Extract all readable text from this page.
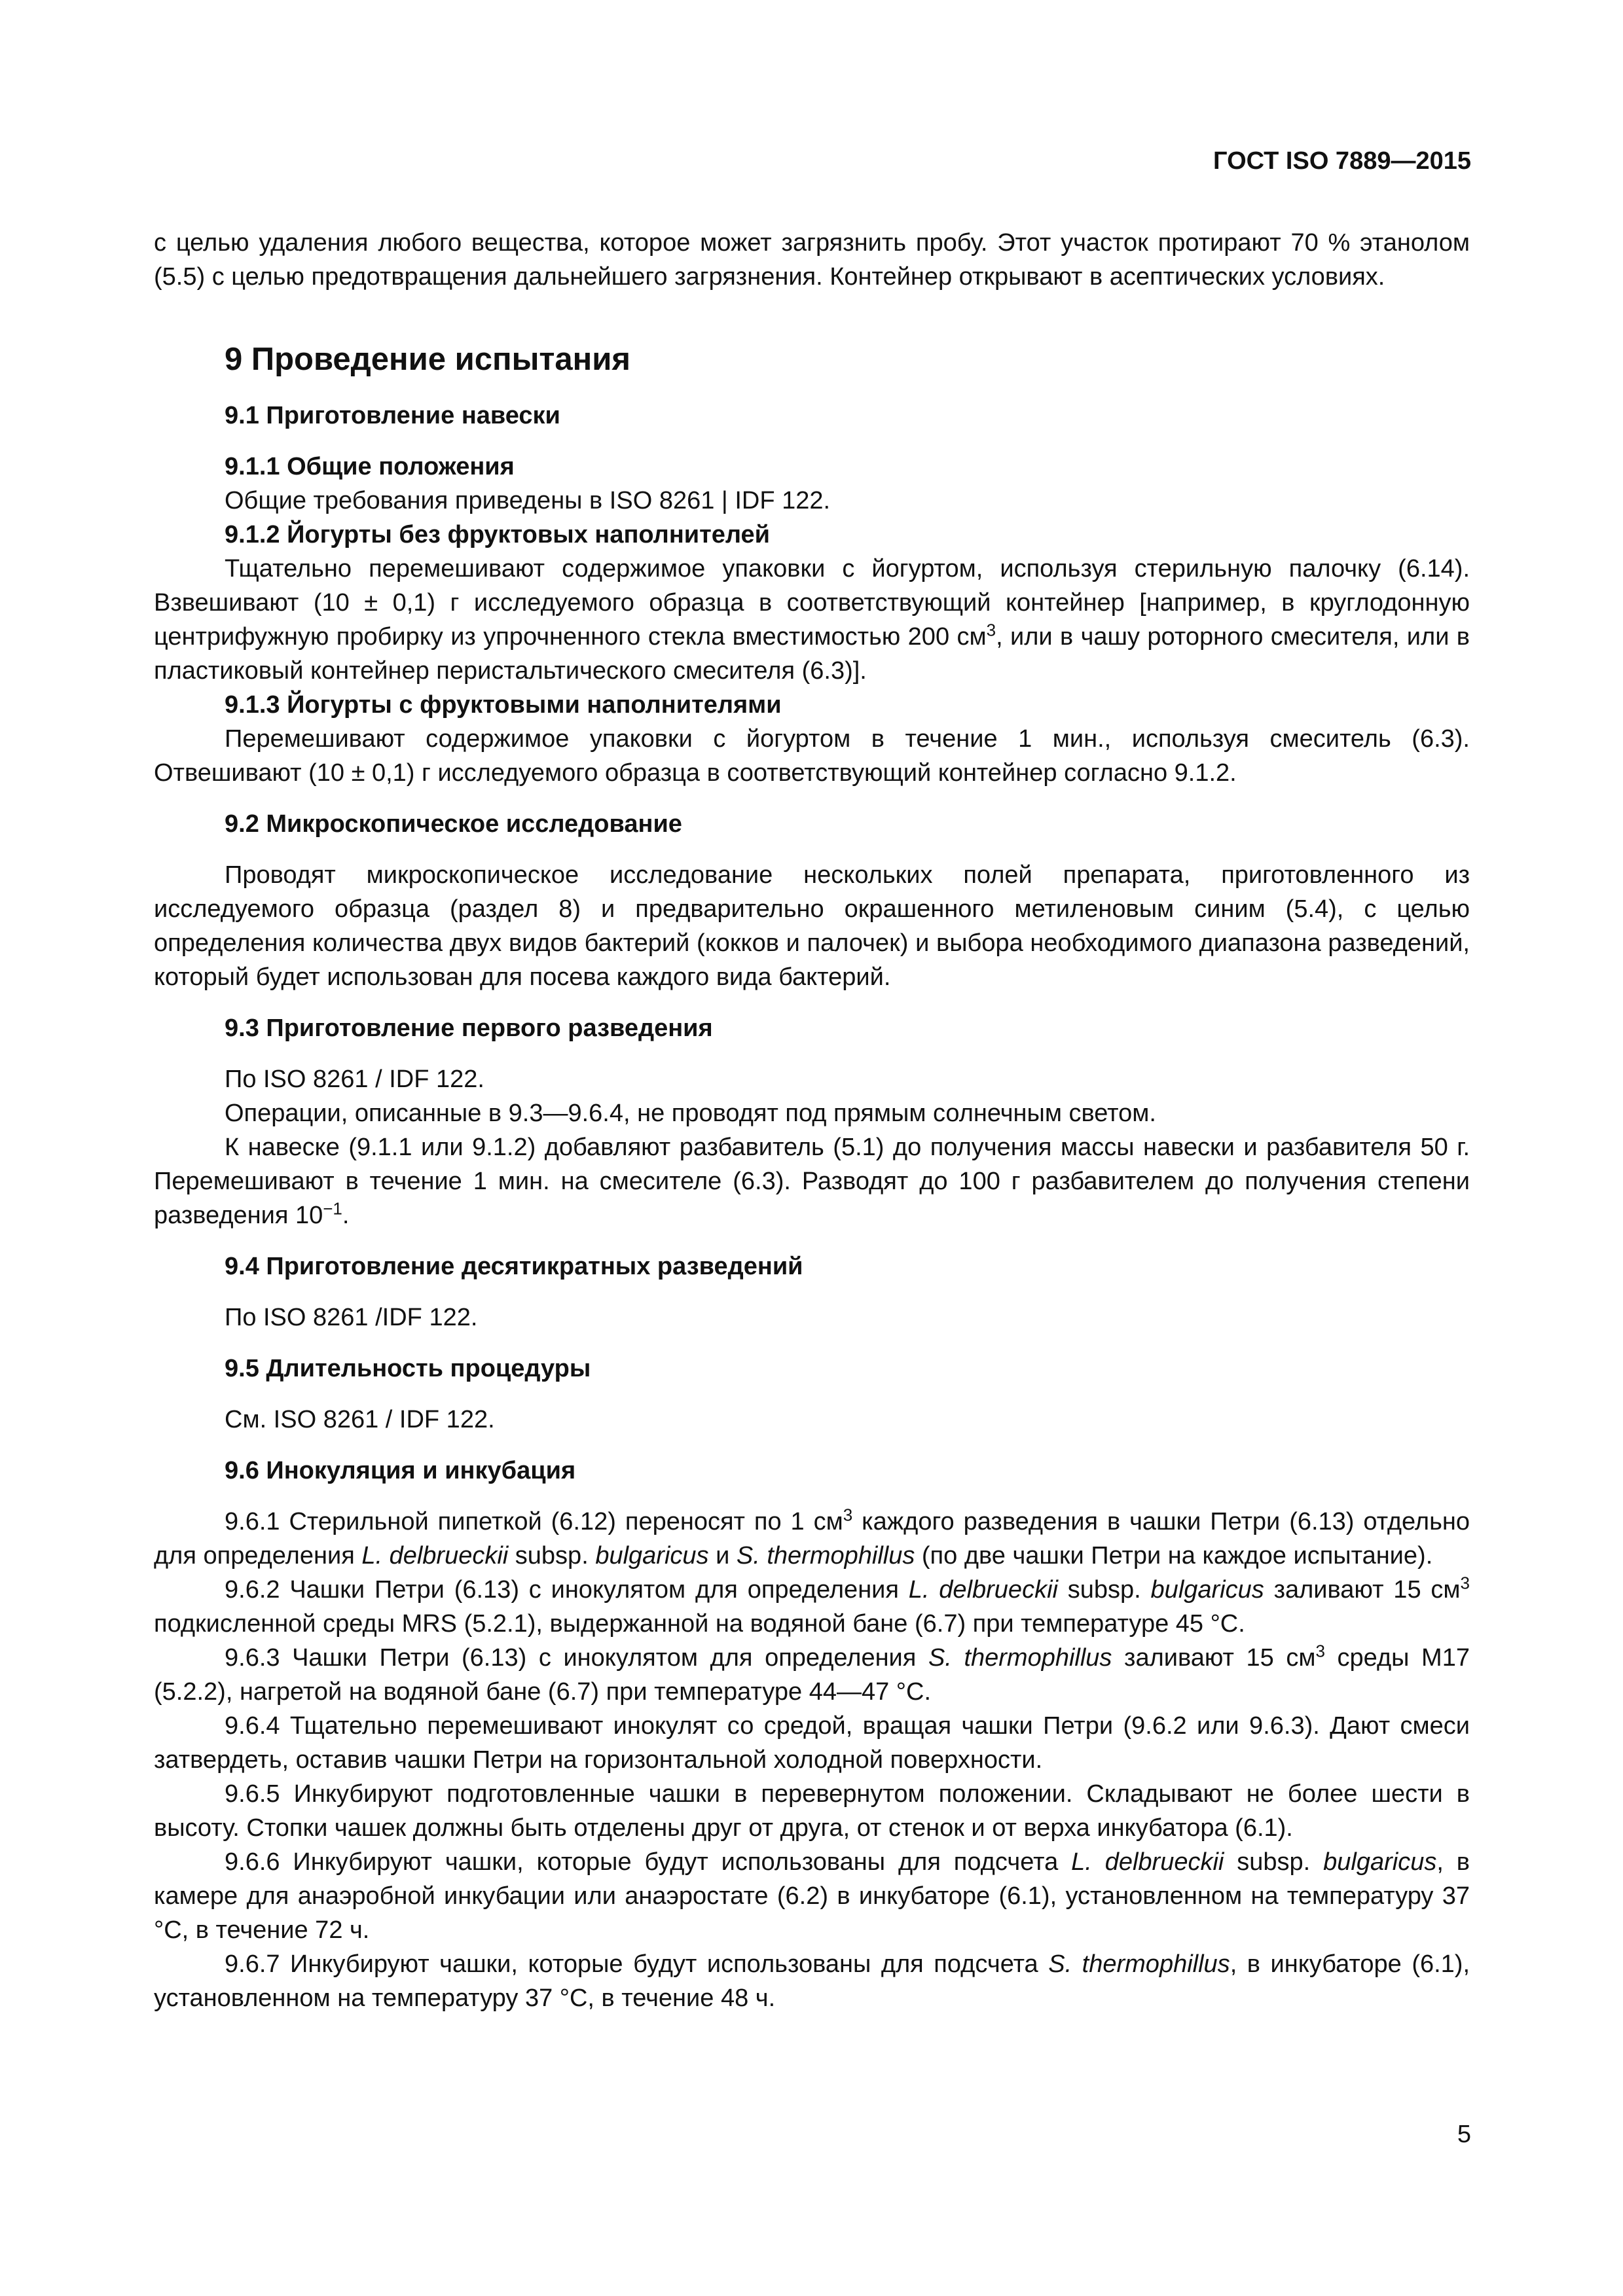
ГОСТ ISO 7889—2015

с целью удаления любого вещества, которое может загрязнить пробу. Этот участок протирают 70 % этанолом (5.5) с целью предотвращения дальнейшего загрязнения. Контейнер открывают в асептических условиях.

9 Проведение испытания

9.1 Приготовление навески

9.1.1 Общие положения

Общие требования приведены в ISO 8261 | IDF 122.

9.1.2 Йогурты без фруктовых наполнителей

Тщательно перемешивают содержимое упаковки с йогуртом, используя стерильную палочку (6.14). Взвешивают (10 ± 0,1) г исследуемого образца в соответствующий контейнер [например, в круглодонную центрифужную пробирку из упрочненного стекла вместимостью 200 $см^3$, или в чашу роторного смесителя, или в пластиковый контейнер перистальтического смесителя (6.3)].

9.1.3 Йогурты с фруктовыми наполнителями

Перемешивают содержимое упаковки с йогуртом в течение 1 мин., используя смеситель (6.3). Отвешивают (10 ± 0,1) г исследуемого образца в соответствующий контейнер согласно 9.1.2.

9.2 Микроскопическое исследование

Проводят микроскопическое исследование нескольких полей препарата, приготовленного из исследуемого образца (раздел 8) и предварительно окрашенного метиленовым синим (5.4), с целью определения количества двух видов бактерий (кокков и палочек) и выбора необходимого диапазона разведений, который будет использован для посева каждого вида бактерий.

9.3 Приготовление первого разведения

По ISO 8261 / IDF 122.

Операции, описанные в 9.3—9.6.4, не проводят под прямым солнечным светом.

К навеске (9.1.1 или 9.1.2) добавляют разбавитель (5.1) до получения массы навески и разбавителя 50 г. Перемешивают в течение 1 мин. на смесителе (6.3). Разводят до 100 г разбавителем до получения степени разведения $10^{-1}$.

9.4 Приготовление десятикратных разведений

По ISO 8261 /IDF 122.

9.5 Длительность процедуры

См. ISO 8261 / IDF 122.

9.6 Инокуляция и инкубация

9.6.1 Стерильной пипеткой (6.12) переносят по 1 $см^3$ каждого разведения в чашки Петри (6.13) отдельно для определения L. delbrueckii subsp. bulgaricus и S. thermophillus (по две чашки Петри на каждое испытание).

9.6.2 Чашки Петри (6.13) с инокулятом для определения L. delbrueckii subsp. bulgaricus заливают 15 $см^3$ подкисленной среды MRS (5.2.1), выдержанной на водяной бане (6.7) при температуре 45 °C.

9.6.3 Чашки Петри (6.13) с инокулятом для определения S. thermophillus заливают 15 $см^3$ среды M17 (5.2.2), нагретой на водяной бане (6.7) при температуре 44—47 °C.

9.6.4 Тщательно перемешивают инокулят со средой, вращая чашки Петри (9.6.2 или 9.6.3). Дают смеси затвердеть, оставив чашки Петри на горизонтальной холодной поверхности.

9.6.5 Инкубируют подготовленные чашки в перевернутом положении. Складывают не более шести в высоту. Стопки чашек должны быть отделены друг от друга, от стенок и от верха инкубатора (6.1).

9.6.6 Инкубируют чашки, которые будут использованы для подсчета L. delbrueckii subsp. bulgaricus, в камере для анаэробной инкубации или анаэростате (6.2) в инкубаторе (6.1), установленном на температуру 37 °C, в течение 72 ч.

9.6.7 Инкубируют чашки, которые будут использованы для подсчета S. thermophillus, в инкубаторе (6.1), установленном на температуру 37 °C, в течение 48 ч.

5
